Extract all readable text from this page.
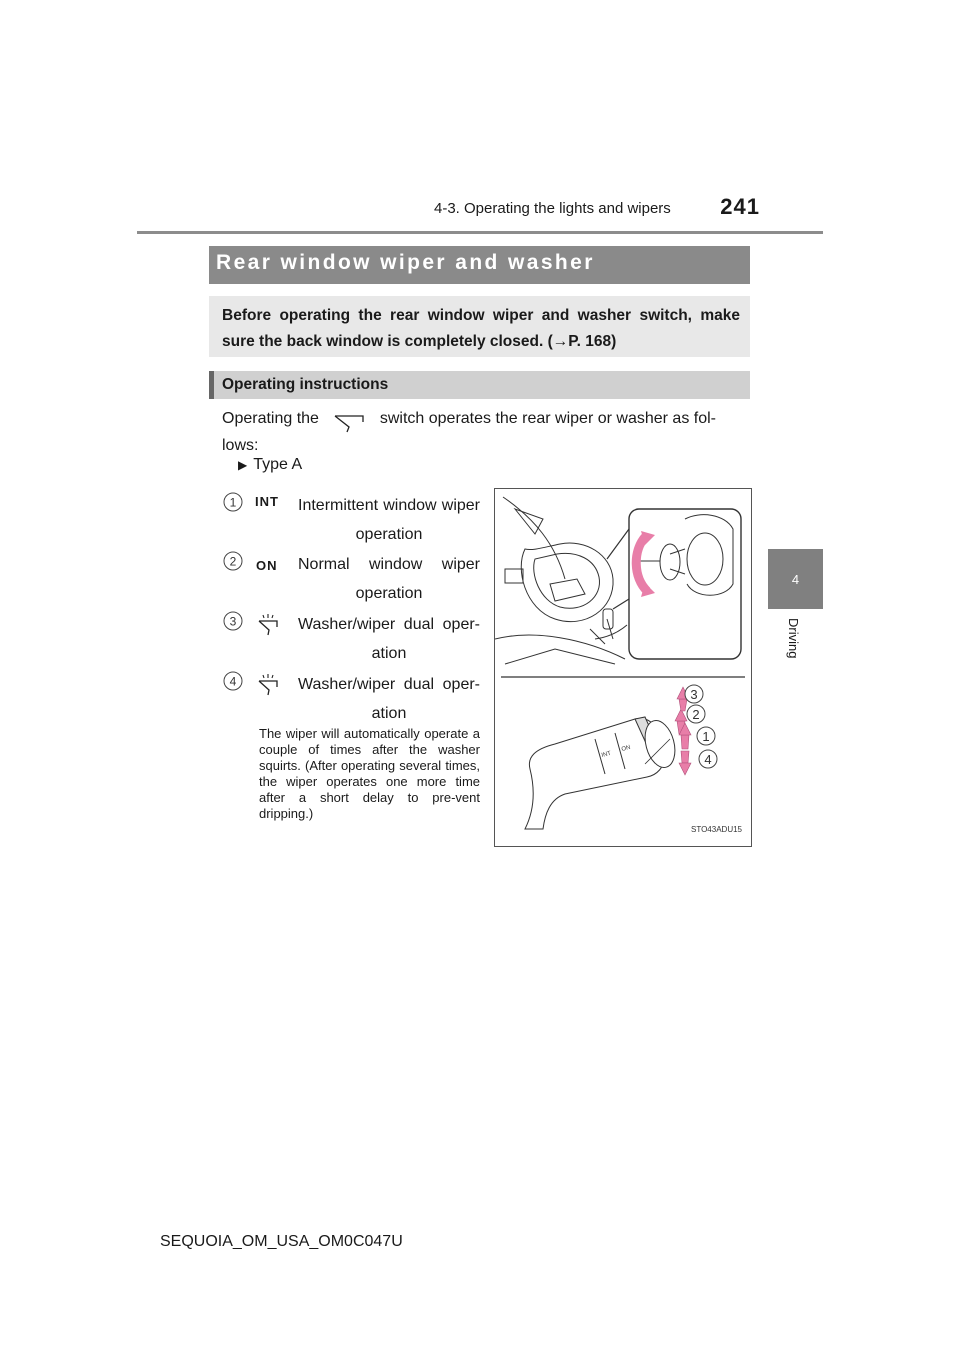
4-3. Operating the lights and wipers 241
4
Driving
Rear window wiper and washer
Before operating the rear window wiper and washer switch, make sure the back window is completely closed. (→P. 168)
Operating instructions
Operating the	switch operates the rear wiper or washer as fol-lows:
▶ Type A
1 INT Intermittent window wiper operation
2 ON Normal window wiper operation
3	Washer/wiper dual oper-ation
4	Washer/wiper dual oper-ation
The wiper will automatically operate a couple of times after the washer squirts. (After operating several times, the wiper operates one more time after a short delay to pre-vent dripping.)
INT
ON
3
2
1
4
STO43ADU15
SEQUOIA_OM_USA_OM0C047U
